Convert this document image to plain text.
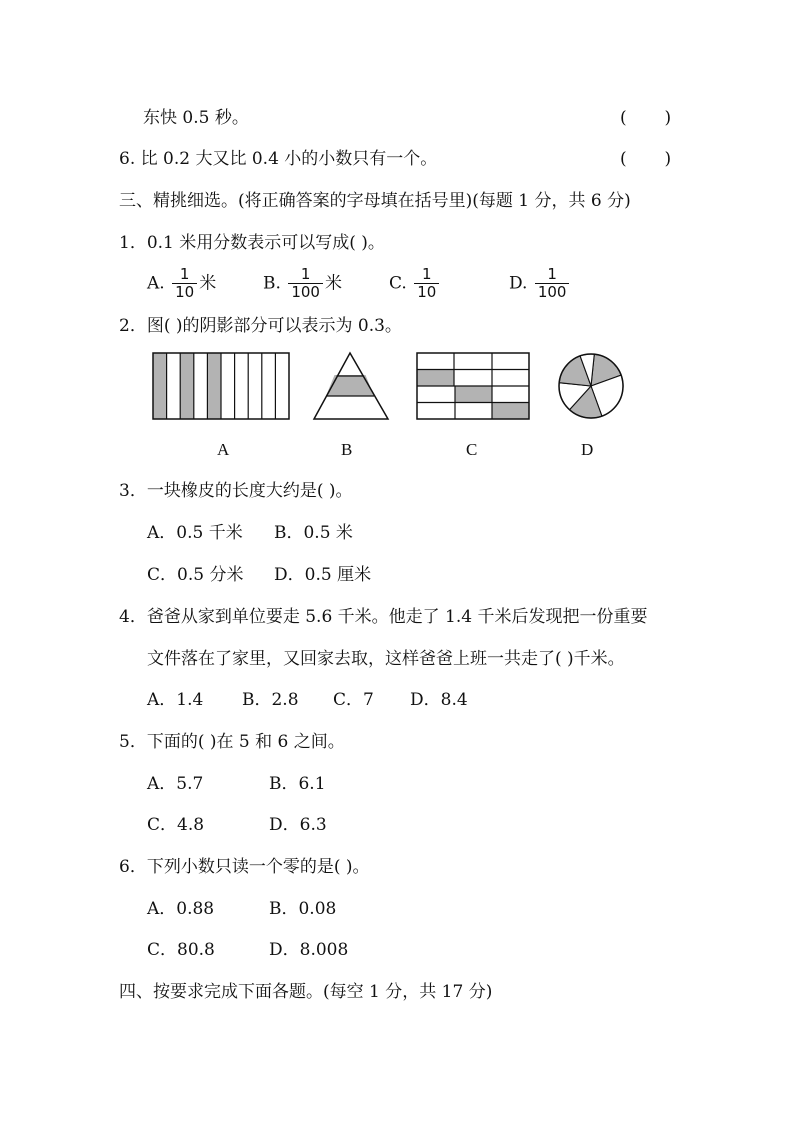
东快 0.5 秒。	(       )
6. 比 0.2 大又比 0.4 小的小数只有一个。	(       )
三、精挑细选。(将正确答案的字母填在括号里)(每题 1 分，共 6 分)
1．0.1 米用分数表示可以写成( )。
A. $\frac{1}{10}$ 米	B. $\frac{1}{100}$ 米	C. $\frac{1}{10}$	D. $\frac{1}{100}$
2．图( )的阴影部分可以表示为 0.3。
A	B	C	D
3．一块橡皮的长度大约是( )。
A．0.5 千米 B．0.5 米
C．0.5 分米 D．0.5 厘米
4．爸爸从家到单位要走 5.6 千米。他走了 1.4 千米后发现把一份重要
文件落在了家里，又回家去取，这样爸爸上班一共走了( )千米。
A．1.4 B．2.8 C．7 D．8.4
5．下面的( )在 5 和 6 之间。
A．5.7	B．6.1
C．4.8	D．6.3
6．下列小数只读一个零的是( )。
A．0.88	B．0.08
C．80.8	D．8.008
四、按要求完成下面各题。(每空 1 分，共 17 分)
